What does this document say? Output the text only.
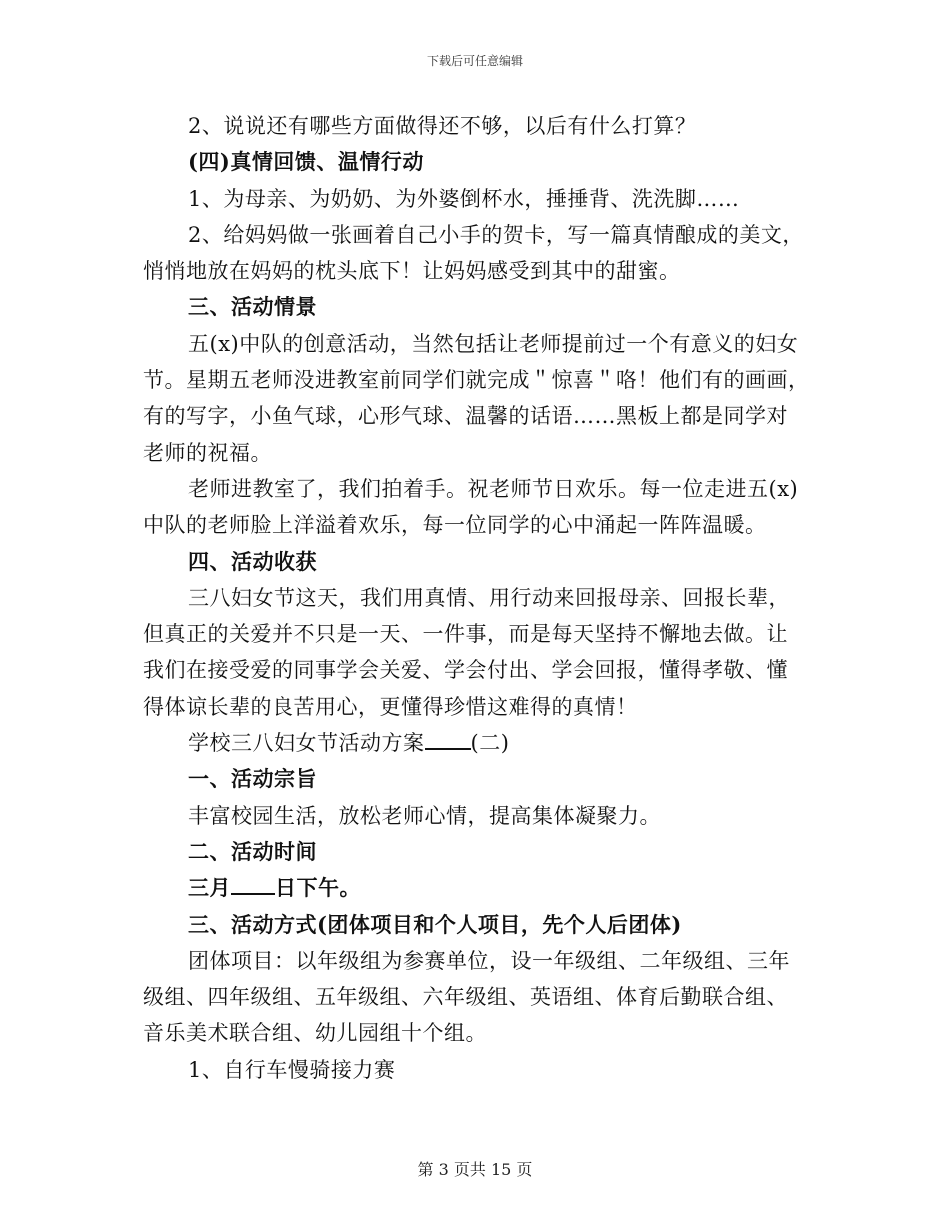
下载后可任意编辑
2、说说还有哪些方面做得还不够，以后有什么打算？
(四)真情回馈、温情行动
1、为母亲、为奶奶、为外婆倒杯水，捶捶背、洗洗脚……
2、给妈妈做一张画着自己小手的贺卡，写一篇真情酿成的美文，
悄悄地放在妈妈的枕头底下！让妈妈感受到其中的甜蜜。
三、活动情景
五(x)中队的创意活动，当然包括让老师提前过一个有意义的妇女
节。星期五老师没进教室前同学们就完成＂惊喜＂咯！他们有的画画，
有的写字，小鱼气球，心形气球、温馨的话语……黑板上都是同学对
老师的祝福。
老师进教室了，我们拍着手。祝老师节日欢乐。每一位走进五(x)
中队的老师脸上洋溢着欢乐，每一位同学的心中涌起一阵阵温暖。
四、活动收获
三八妇女节这天，我们用真情、用行动来回报母亲、回报长辈，
但真正的关爱并不只是一天、一件事，而是每天坚持不懈地去做。让
我们在接受爱的同事学会关爱、学会付出、学会回报，懂得孝敬、懂
得体谅长辈的良苦用心，更懂得珍惜这难得的真情！
学校三八妇女节活动方案 (二)
一、活动宗旨
丰富校园生活，放松老师心情，提高集体凝聚力。
二、活动时间
三月 日下午。
三、活动方式(团体项目和个人项目，先个人后团体)
团体项目：以年级组为参赛单位，设一年级组、二年级组、三年
级组、四年级组、五年级组、六年级组、英语组、体育后勤联合组、
音乐美术联合组、幼儿园组十个组。
1、自行车慢骑接力赛
第 3 页共 15 页
